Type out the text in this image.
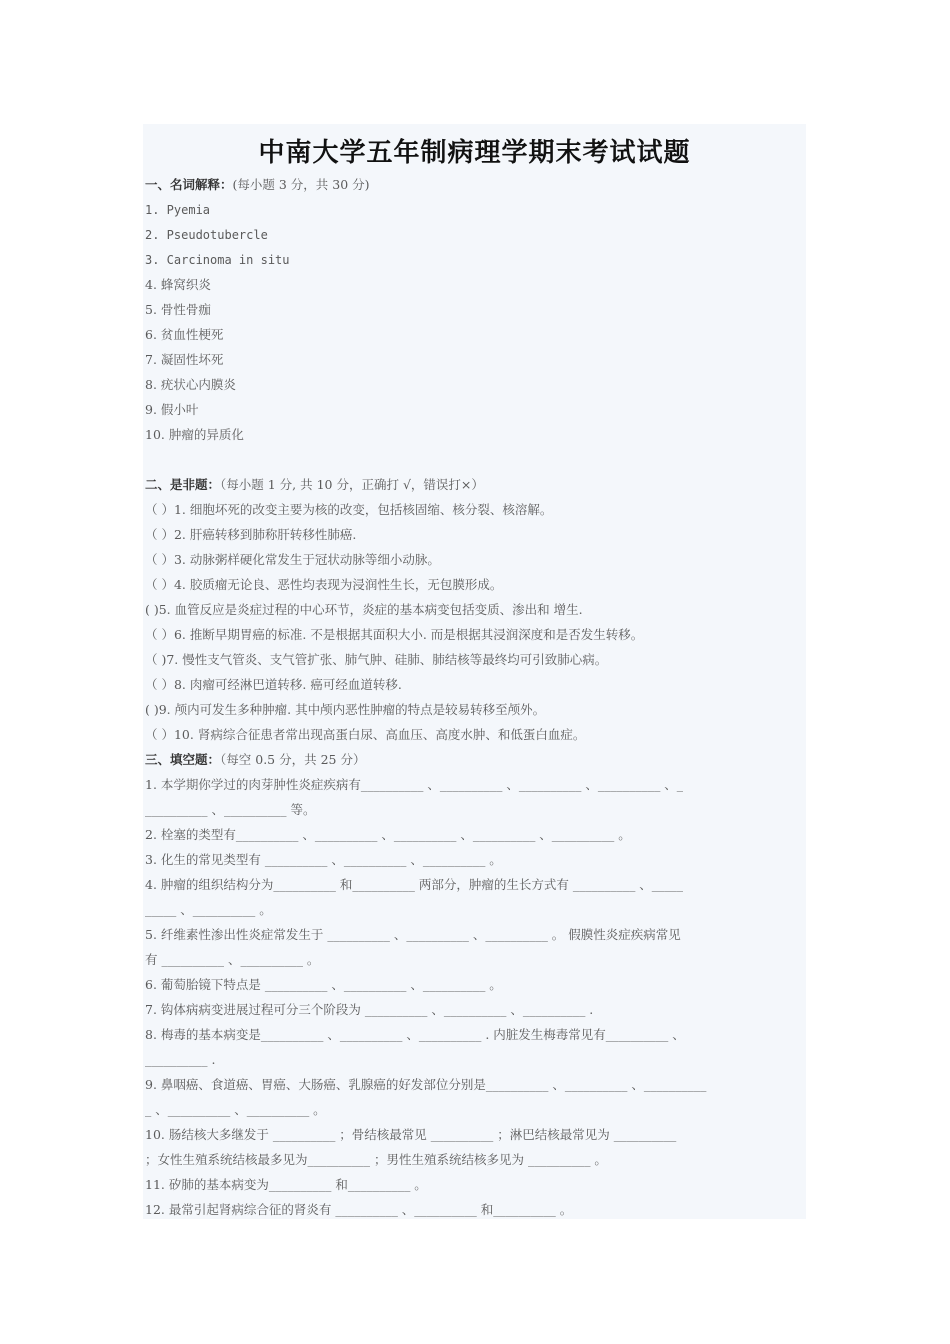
中南大学五年制病理学期末考试试题
一、名词解释：(每小题 3 分，共 30 分)
1. Pyemia
2. Pseudotubercle
3. Carcinoma in situ
4. 蜂窝织炎
5. 骨性骨痂
6. 贫血性梗死
7. 凝固性坏死
8. 疣状心内膜炎
9. 假小叶
10. 肿瘤的异质化
二、是非题：（每小题 1 分, 共 10 分，正确打 √，错误打×）
（ ）1. 细胞坏死的改变主要为核的改变，包括核固缩、核分裂、核溶解。
（ ）2. 肝癌转移到肺称肝转移性肺癌.
（ ）3. 动脉粥样硬化常发生于冠状动脉等细小动脉。
（ ）4. 胶质瘤无论良、恶性均表现为浸润性生长，无包膜形成。
( )5. 血管反应是炎症过程的中心环节，炎症的基本病变包括变质、渗出和 增生.
（ ）6. 推断早期胃癌的标准. 不是根据其面积大小. 而是根据其浸润深度和是否发生转移。
（ )7. 慢性支气管炎、支气管扩张、肺气肿、硅肺、肺结核等最终均可引致肺心病。
（ ）8. 肉瘤可经淋巴道转移. 癌可经血道转移.
( )9. 颅内可发生多种肿瘤. 其中颅内恶性肿瘤的特点是较易转移至颅外。
（ ）10. 肾病综合征患者常出现高蛋白尿、高血压、高度水肿、和低蛋白血症。
三、填空题：（每空 0.5 分，共 25 分）
1. 本学期你学过的肉芽肿性炎症疾病有__________ 、__________ 、__________ 、__________ 、_
__________ 、__________ 等。
2. 栓塞的类型有__________ 、__________ 、__________ 、__________ 、__________ 。
3. 化生的常见类型有 __________ 、__________ 、__________ 。
4. 肿瘤的组织结构分为__________ 和__________ 两部分，肿瘤的生长方式有 __________ 、_____
_____ 、__________ 。
5. 纤维素性渗出性炎症常发生于 __________ 、__________ 、__________ 。 假膜性炎症疾病常见
有 __________ 、__________ 。
6. 葡萄胎镜下特点是 __________ 、__________ 、__________ 。
7. 钩体病病变进展过程可分三个阶段为 __________ 、__________ 、__________ .
8. 梅毒的基本病变是__________ 、__________ 、__________ . 内脏发生梅毒常见有__________ 、
__________ .
9. 鼻咽癌、食道癌、胃癌、大肠癌、乳腺癌的好发部位分别是__________ 、__________ 、__________
_ 、__________ 、__________ 。
10. 肠结核大多继发于 __________ ；骨结核最常见 __________ ；淋巴结核最常见为 __________
；女性生殖系统结核最多见为__________ ；男性生殖系统结核多见为 __________ 。
11. 矽肺的基本病变为__________ 和__________ 。
12. 最常引起肾病综合征的肾炎有 __________ 、__________ 和__________ 。
